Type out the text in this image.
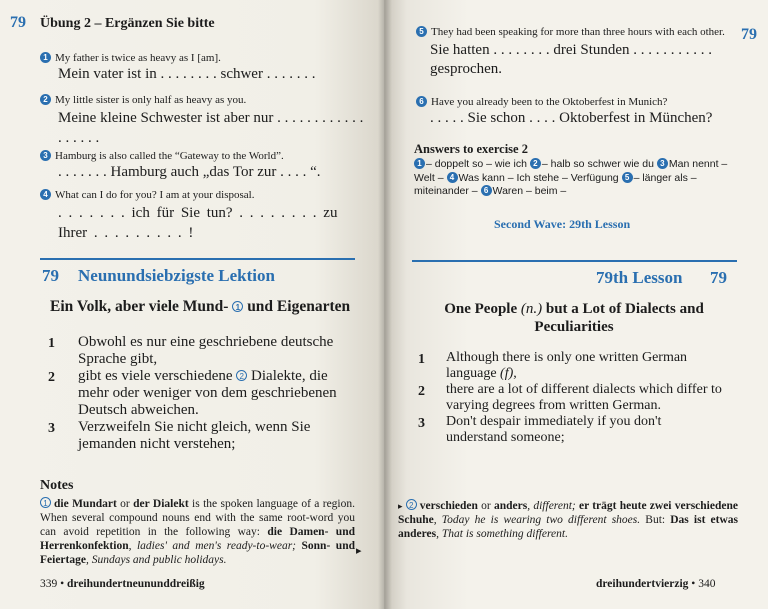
79 Übung 2 – Ergänzen Sie bitte
1 My father is twice as heavy as I [am].
Mein vater ist in . . . . . . . . schwer . . . . . . .
2 My little sister is only half as heavy as you.
Meine kleine Schwester ist aber nur . . . . . . . . . . . . . . . . . .
3 Hamburg is also called the “Gateway to the World”.
. . . . . . . Hamburg auch „das Tor zur . . . . “.
4 What can I do for you? I am at your disposal.
. . . . . . . ich für Sie tun? . . . . . . . . zu Ihrer . . . . . . . . . !
79 Neunundsiebzigste Lektion
Ein Volk, aber viele Mund- 1 und Eigenarten
1 Obwohl es nur eine geschriebene deutsche Sprache gibt,
2 gibt es viele verschiedene 2 Dialekte, die mehr oder weniger von dem geschriebenen Deutsch abweichen.
3 Verzweifeln Sie nicht gleich, wenn Sie jemanden nicht verstehen;
Notes
1 die Mundart or der Dialekt is the spoken language of a region. When several compound nouns end with the same root-word you can avoid repetition in the following way: die Damen- und Herrenkonfektion, ladies' and men's ready-to-wear; Sonn- und Feiertage, Sundays and public holidays.
▸
339 • dreihundertneununddreißig
5 They had been speaking for more than three hours with each other.
Sie hatten . . . . . . . . drei Stunden . . . . . . . . . . . gesprochen.
79
6 Have you already been to the Oktoberfest in Munich?
. . . . . Sie schon . . . . Oktoberfest in München?
Answers to exercise 2
1 – doppelt so – wie ich 2 – halb so schwer wie du 3 Man nennt – Welt – 4 Was kann – Ich stehe – Verfügung 5 – länger als – miteinander – 6 Waren – beim –
Second Wave: 29th Lesson
79th Lesson 79
One People (n.) but a Lot of Dialects and Peculiarities
1 Although there is only one written German language (f),
2 there are a lot of different dialects which differ to varying degrees from written German.
3 Don't despair immediately if you don't understand someone;
▸ 2 verschieden or anders, different; er trägt heute zwei verschiedene Schuhe, Today he is wearing two different shoes. But: Das ist etwas anderes, That is something different.
dreihundertvierzig • 340
